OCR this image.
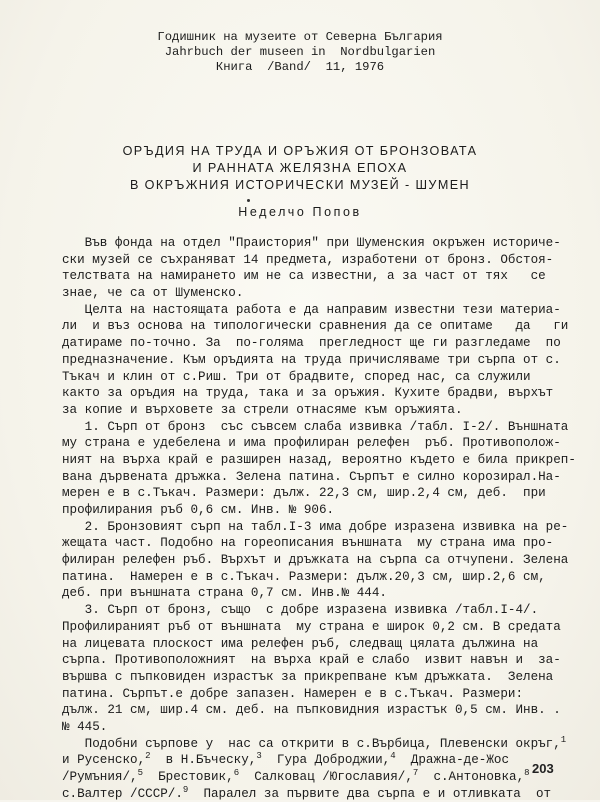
Годишник на музеите от Северна България
Jahrbuch der museen in  Nordbulgarien
Книга  /Band/  11, 1976
ОРЪДИЯ НА ТРУДА И ОРЪЖИЯ ОТ БРОНЗОВАТА
И РАННАТА ЖЕЛЯЗНА ЕПОХА
В ОКРЪЖНИЯ ИСТОРИЧЕСКИ МУЗЕЙ - ШУМЕН
Неделчо Попов
Във фонда на отдел "Праистория" при Шуменския окръжен историче-
ски музей се съхраняват 14 предмета, изработени от бронз. Обстоя-
телствата на намирането им не са известни, а за част от тях   се
знае, че са от Шуменско.
Целта на настоящата работа е да направим известни тези материа-
ли  и въз основа на типологически сравнения да се опитаме   да   ги
датираме по-точно. За  по-голяма  прегледност ще ги разгледаме  по
предназначение. Към оръдията на труда причисляваме три сърпа от с.
Тъкач и клин от с.Риш. Три от брадвите, според нас, са служили
както за оръдия на труда, така и за оръжия. Кухите брадви, върхът
за копие и върховете за стрели отнасяме към оръжията.
1. Сърп от бронз  със съвсем слаба извивка /табл. I-2/. Външната
му страна е удебелена и има профилиран релефен  ръб. Противополож-
ният на върха край е разширен назад, вероятно където е била прикреп-
вана дървената дръжка. Зелена патина. Сърпът е силно корозирал.На-
мерен е в с.Тъкач. Размери: дълж. 22,3 см, шир.2,4 см, деб.  при
профилирания ръб 0,6 см. Инв. № 906.
2. Бронзовият сърп на табл.I-3 има добре изразена извивка на ре-
жещата част. Подобно на гореописания външната  му страна има про-
филиран релефен ръб. Върхът и дръжката на сърпа са отчупени. Зелена
патина.  Намерен е в с.Тъкач. Размери: дълж.20,3 см, шир.2,6 см,
деб. при външната страна 0,7 см. Инв.№ 444.
3. Сърп от бронз, също  с добре изразена извивка /табл.I-4/.
Профилираният ръб от външната  му страна е широк 0,2 см. В средата
на лицевата плоскост има релефен ръб, следващ цялата дължина на
сърпа. Противоположният  на върха край е слабо  извит навън и  за-
вършва с пъпковиден израстък за прикрепване към дръжката.  Зелена
патина. Сърпът.е добре запазен. Намерен е в с.Тъкач. Размери:
дълж. 21 см, шир.4 см. деб. на пъпковидния израстък 0,5 см. Инв. .
№ 445.
Подобни сърпове у  нас са открити в с.Върбица, Плевенски окръг,$^1$
и Русенско,$^2$  в Н.Бъческу,$^3$  Гура Доброджии,$^4$  Дражна-де-Жос
/Румъния/,$^5$  Брестовик,$^6$  Салковац /Югославия/,$^7$  с.Антоновка,$^8$
с.Валтер /СССР/.$^9$  Паралел за първите два сърпа е и отливката  от
203
